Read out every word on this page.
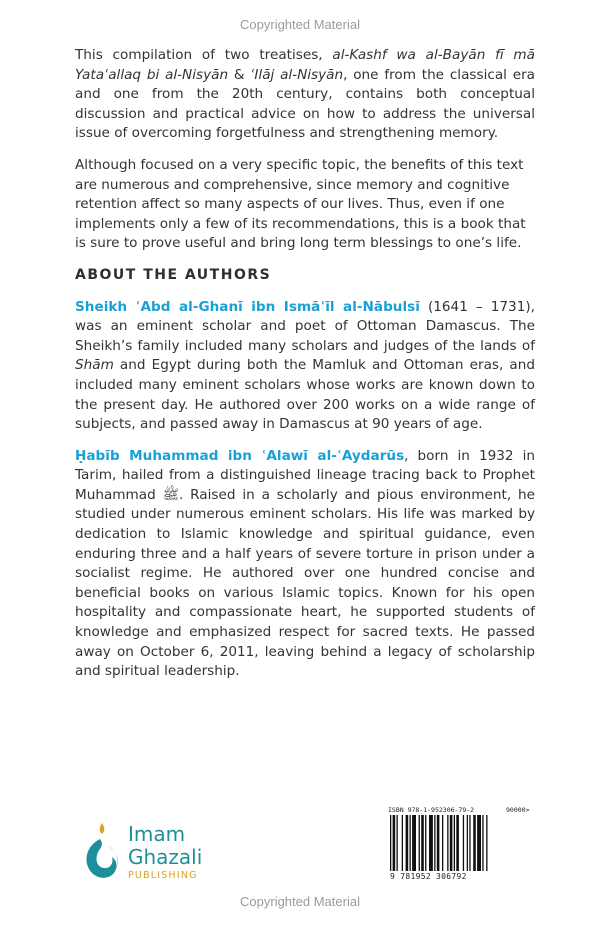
Copyrighted Material

This compilation of two treatises, al-Kashf wa al-Bayān fī mā Yataʿallaq bi al-Nisyān & ʿIlāj al-Nisyān, one from the classical era and one from the 20th century, contains both conceptual discussion and practical advice on how to address the universal issue of overcoming forgetfulness and strengthening memory.

Although focused on a very specific topic, the benefits of this text are numerous and comprehensive, since memory and cognitive retention affect so many aspects of our lives. Thus, even if one implements only a few of its recommendations, this is a book that is sure to prove useful and bring long term blessings to one’s life.

ABOUT THE AUTHORS

Sheikh ʿAbd al-Ghanī ibn Ismāʿīl al-Nābulsī (1641 – 1731), was an eminent scholar and poet of Ottoman Damascus. The Sheikh’s family included many scholars and judges of the lands of Shām and Egypt during both the Mamluk and Ottoman eras, and included many eminent scholars whose works are known down to the present day. He authored over 200 works on a wide range of subjects, and passed away in Damascus at 90 years of age.

Ḥabīb Muhammad ibn ʿAlawī al-ʿAydarūs, born in 1932 in Tarim, hailed from a distinguished lineage tracing back to Prophet Muhammad ﷺ. Raised in a scholarly and pious environment, he studied under numerous eminent scholars. His life was marked by dedication to Islamic knowledge and spiritual guidance, even enduring three and a half years of severe torture in prison under a socialist regime. He authored over one hundred concise and beneficial books on various Islamic topics. Known for his open hospitality and compassionate heart, he supported students of knowledge and emphasized respect for sacred texts. He passed away on October 6, 2011, leaving behind a legacy of scholarship and spiritual leadership.

Imam
Ghazali
PUBLISHING
ISBN 978-1-952306-79-2	90000>
9 781952 306792
Copyrighted Material
